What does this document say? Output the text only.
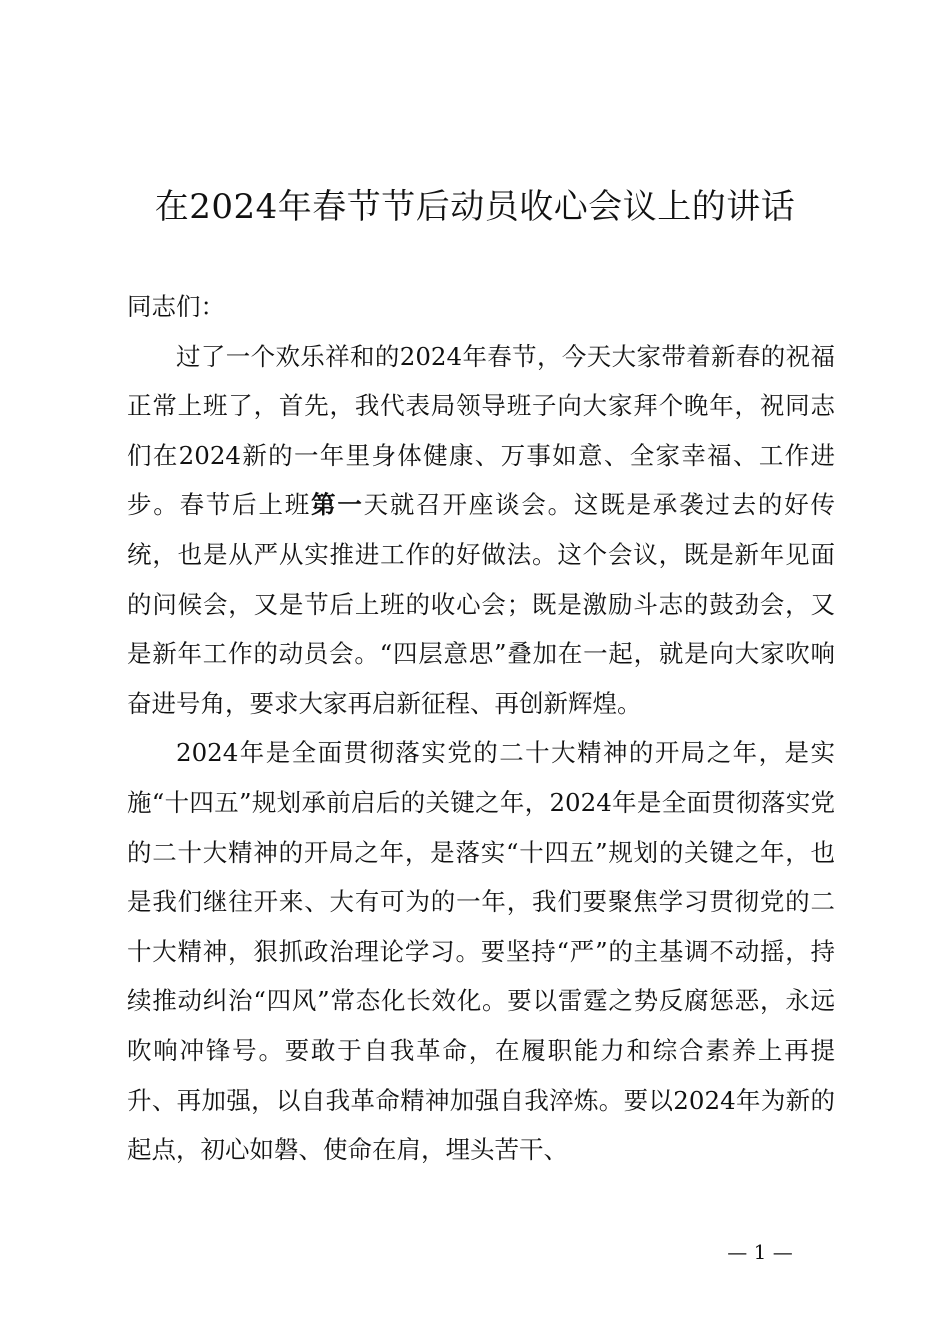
在2024年春节节后动员收心会议上的讲话

同志们：

过了一个欢乐祥和的2024年春节，今天大家带着新春的祝福正常上班了，首先，我代表局领导班子向大家拜个晚年，祝同志们在2024新的一年里身体健康、万事如意、全家幸福、工作进步。春节后上班第一天就召开座谈会。这既是承袭过去的好传统，也是从严从实推进工作的好做法。这个会议，既是新年见面的问候会，又是节后上班的收心会；既是激励斗志的鼓劲会，又是新年工作的动员会。“四层意思”叠加在一起，就是向大家吹响奋进号角，要求大家再启新征程、再创新辉煌。

2024年是全面贯彻落实党的二十大精神的开局之年，是实施“十四五”规划承前启后的关键之年，2024年是全面贯彻落实党的二十大精神的开局之年，是落实“十四五”规划的关键之年，也是我们继往开来、大有可为的一年，我们要聚焦学习贯彻党的二十大精神，狠抓政治理论学习。要坚持“严”的主基调不动摇，持续推动纠治“四风”常态化长效化。要以雷霆之势反腐惩恶，永远吹响冲锋号。要敢于自我革命，在履职能力和综合素养上再提升、再加强，以自我革命精神加强自我淬炼。要以2024年为新的起点，初心如磐、使命在肩，埋头苦干、

— 1 —
